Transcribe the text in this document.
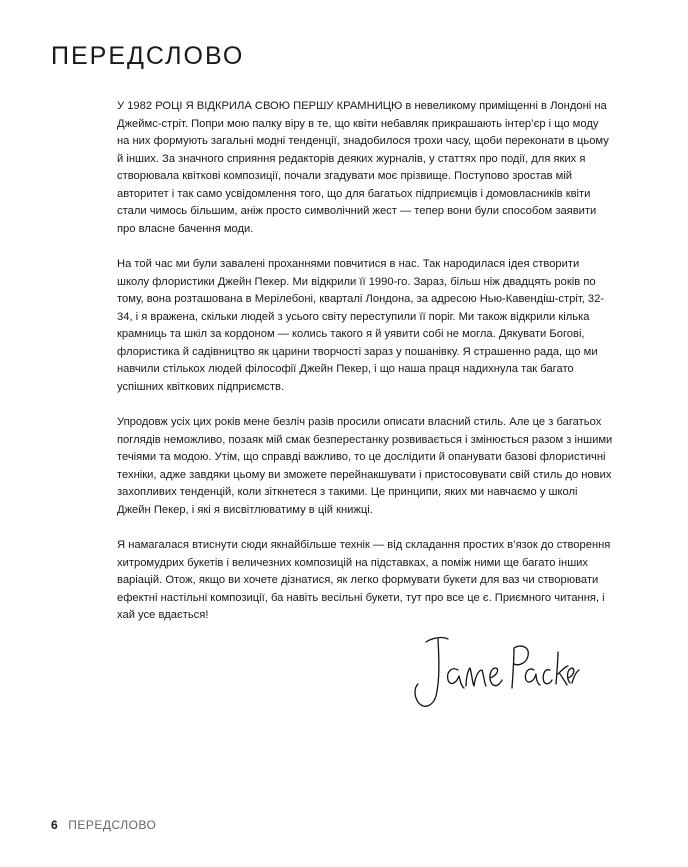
ПЕРЕДСЛОВО

У 1982 РОЦІ Я ВІДКРИЛА СВОЮ ПЕРШУ КРАМНИЦЮ в невеликому приміщенні в Лондоні на Джеймс-стріт. Попри мою палку віру в те, що квіти небавляк прикрашають інтер’єр і що моду на них формують загальні модні тенденції, знадобилося трохи часу, щоби переконати в цьому й інших. За значного сприяння редакторів деяких журналів, у статтях про події, для яких я створювала квіткові композиції, почали згадувати моє прізвище. Поступово зростав мій авторитет і так само усвідомлення того, що для багатьох підприємців і домовласників квіти стали чимось більшим, аніж просто символічний жест — тепер вони були способом заявити про власне бачення моди.

На той час ми були завалені проханнями повчитися в нас. Так народилася ідея створити школу флористики Джейн Пекер. Ми відкрили її 1990-го. Зараз, більш ніж двадцять років по тому, вона розташована в Мерілебоні, кварталі Лондона, за адресою Нью-Кавендіш-стріт, 32-34, і я вражена, скільки людей з усього світу переступили її поріг. Ми також відкрили кілька крамниць та шкіл за кордоном — колись такого я й уявити собі не могла. Дякувати Богові, флористика й садівництво як царини творчості зараз у пошанівку. Я страшенно рада, що ми навчили стількох людей філософії Джейн Пекер, і що наша праця надихнула так багато успішних квіткових підприємств.

Упродовж усіх цих років мене безліч разів просили описати власний стиль. Але це з багатьох поглядів неможливо, позаяк мій смак безперестанку розвивається і змінюється разом з іншими течіями та модою. Утім, що справді важливо, то це дослідити й опанувати базові флористичні техніки, адже завдяки цьому ви зможете перейнакшувати і пристосовувати свій стиль до нових захопливих тенденцій, коли зіткнетеся з такими. Це принципи, яких ми навчаємо у школі Джейн Пекер, і які я висвітлюватиму в цій книжці.

Я намагалася втиснути сюди якнайбільше технік — від складання простих в’язок до створення хитромудрих букетів і величезних композицій на підставках, а поміж ними ще багато інших варіацій. Отож, якщо ви хочете дізнатися, як легко формувати букети для ваз чи створювати ефектні настільні композиції, ба навіть весільні букети, тут про все це є. Приємного читання, і хай усе вдається!

6 ПЕРЕДСЛОВО
